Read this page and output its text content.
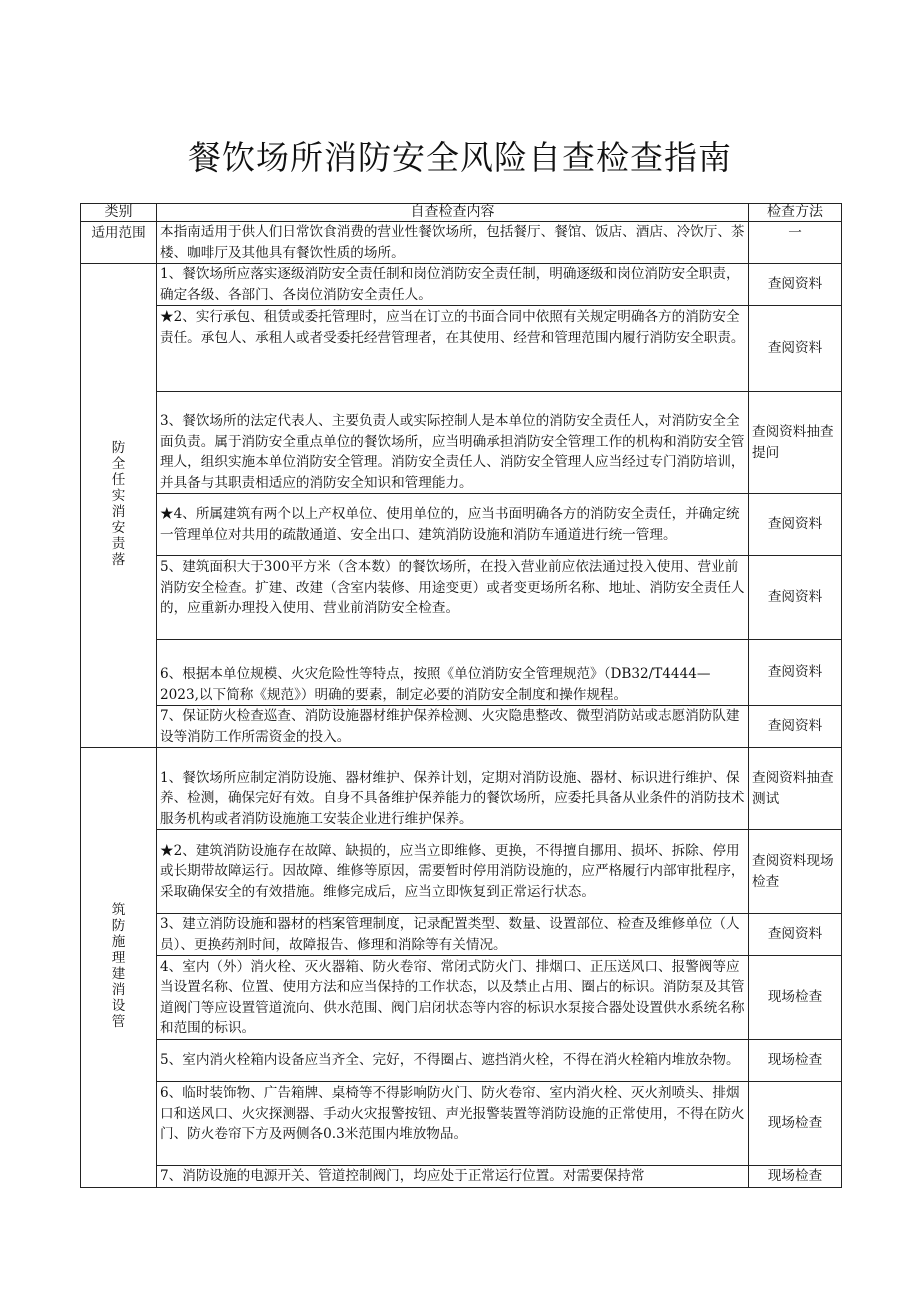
餐饮场所消防安全风险自查检查指南
类别	自查检查内容	检查方法
适用范围	本指南适用于供人们日常饮食消费的营业性餐饮场所，包括餐厅、餐馆、饭店、酒店、冷饮厅、茶楼、咖啡厅及其他具有餐饮性质的场所。	一
防全任实消安责落	1、餐饮场所应落实逐级消防安全责任制和岗位消防安全责任制，明确逐级和岗位消防安全职责，确定各级、各部门、各岗位消防安全责任人。	查阅资料
	★2、实行承包、租赁或委托管理时，应当在订立的书面合同中依照有关规定明确各方的消防安全责任。承包人、承租人或者受委托经营管理者，在其使用、经营和管理范围内履行消防安全职责。	查阅资料
	3、餐饮场所的法定代表人、主要负责人或实际控制人是本单位的消防安全责任人，对消防安全全面负责。属于消防安全重点单位的餐饮场所，应当明确承担消防安全管理工作的机构和消防安全管理人，组织实施本单位消防安全管理。消防安全责任人、消防安全管理人应当经过专门消防培训，并具备与其职责相适应的消防安全知识和管理能力。	查阅资料抽查提问
	★4、所属建筑有两个以上产权单位、使用单位的，应当书面明确各方的消防安全责任，并确定统一管理单位对共用的疏散通道、安全出口、建筑消防设施和消防车通道进行统一管理。	查阅资料
	5、建筑面积大于300平方米（含本数）的餐饮场所，在投入营业前应依法通过投入使用、营业前消防安全检查。扩建、改建（含室内装修、用途变更）或者变更场所名称、地址、消防安全责任人的，应重新办理投入使用、营业前消防安全检查。	查阅资料
	6、根据本单位规模、火灾危险性等特点，按照《单位消防安全管理规范》（DB32/T4444—2023,以下简称《规范》）明确的要素，制定必要的消防安全制度和操作规程。	查阅资料
	7、保证防火检查巡查、消防设施器材维护保养检测、火灾隐患整改、微型消防站或志愿消防队建设等消防工作所需资金的投入。	查阅资料
筑防施理建消设管	1、餐饮场所应制定消防设施、器材维护、保养计划，定期对消防设施、器材、标识进行维护、保养、检测，确保完好有效。自身不具备维护保养能力的餐饮场所，应委托具备从业条件的消防技术服务机构或者消防设施施工安装企业进行维护保养。	查阅资料抽查测试
	★2、建筑消防设施存在故障、缺损的，应当立即维修、更换，不得擅自挪用、损坏、拆除、停用或长期带故障运行。因故障、维修等原因，需要暂时停用消防设施的，应严格履行内部审批程序，采取确保安全的有效措施。维修完成后，应当立即恢复到正常运行状态。	查阅资料现场检查
	3、建立消防设施和器材的档案管理制度，记录配置类型、数量、设置部位、检查及维修单位（人员）、更换药剂时间，故障报告、修理和消除等有关情况。	查阅资料
	4、室内（外）消火栓、灭火器箱、防火卷帘、常闭式防火门、排烟口、正压送风口、报警阀等应当设置名称、位置、使用方法和应当保持的工作状态，以及禁止占用、圈占的标识。消防泵及其管道阀门等应设置管道流向、供水范围、阀门启闭状态等内容的标识水泵接合器处设置供水系统名称和范围的标识。	现场检查
	5、室内消火栓箱内设备应当齐全、完好，不得圈占、遮挡消火栓，不得在消火栓箱内堆放杂物。	现场检查
	6、临时装饰物、广告箱牌、桌椅等不得影响防火门、防火卷帘、室内消火栓、灭火剂喷头、排烟口和送风口、火灾探测器、手动火灾报警按钮、声光报警装置等消防设施的正常使用，不得在防火门、防火卷帘下方及两侧各0.3米范围内堆放物品。	现场检查
	7、消防设施的电源开关、管道控制阀门，均应处于正常运行位置。对需要保持常	现场检查
